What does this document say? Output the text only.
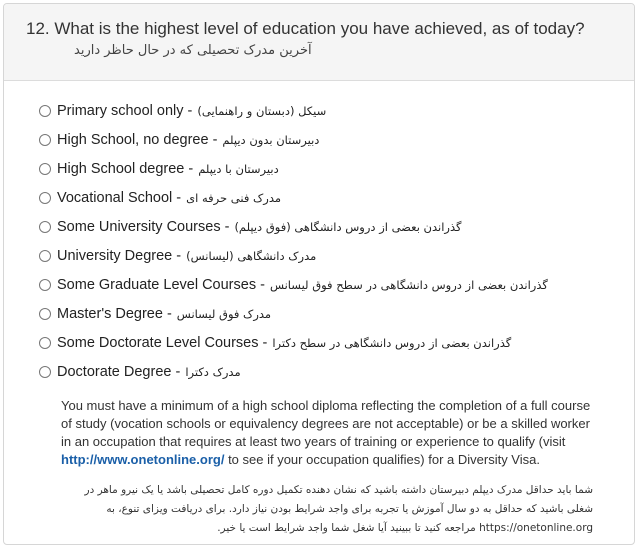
12. What is the highest level of education you have achieved, as of today?
آخرین مدرک تحصیلی که در حال حاظر دارید
Primary school only - سیکل (دبستان و راهنمایی)
High School, no degree - دبیرستان بدون دیپلم
High School degree - دبیرستان با دیپلم
Vocational School - مدرک فنی حرفه ای
Some University Courses - گذراندن بعضی از دروس دانشگاهی (فوق دیپلم)
University Degree - مدرک دانشگاهی (لیسانس)
Some Graduate Level Courses - گذراندن بعضی از دروس دانشگاهی در سطح فوق لیسانس
Master's Degree - مدرک فوق لیسانس
Some Doctorate Level Courses - گذراندن بعضی از دروس دانشگاهی در سطح دکترا
Doctorate Degree - مدرک دکترا
You must have a minimum of a high school diploma reflecting the completion of a full course of study (vocation schools or equivalency degrees are not acceptable) or be a skilled worker in an occupation that requires at least two years of training or experience to qualify (visit http://www.onetonline.org/ to see if your occupation qualifies) for a Diversity Visa.
شما باید حداقل مدرک دیپلم دبیرستان داشته باشید که نشان دهنده تکمیل دوره کامل تحصیلی باشد یا یک نیرو ماهر در شغلی باشید که حداقل به دو سال آموزش یا تجربه برای واجد شرایط بودن نیاز دارد. برای دریافت ویزای تنوع، به https://onetonline.org مراجعه کنید تا ببینید آیا شغل شما واجد شرایط است یا خیر.
